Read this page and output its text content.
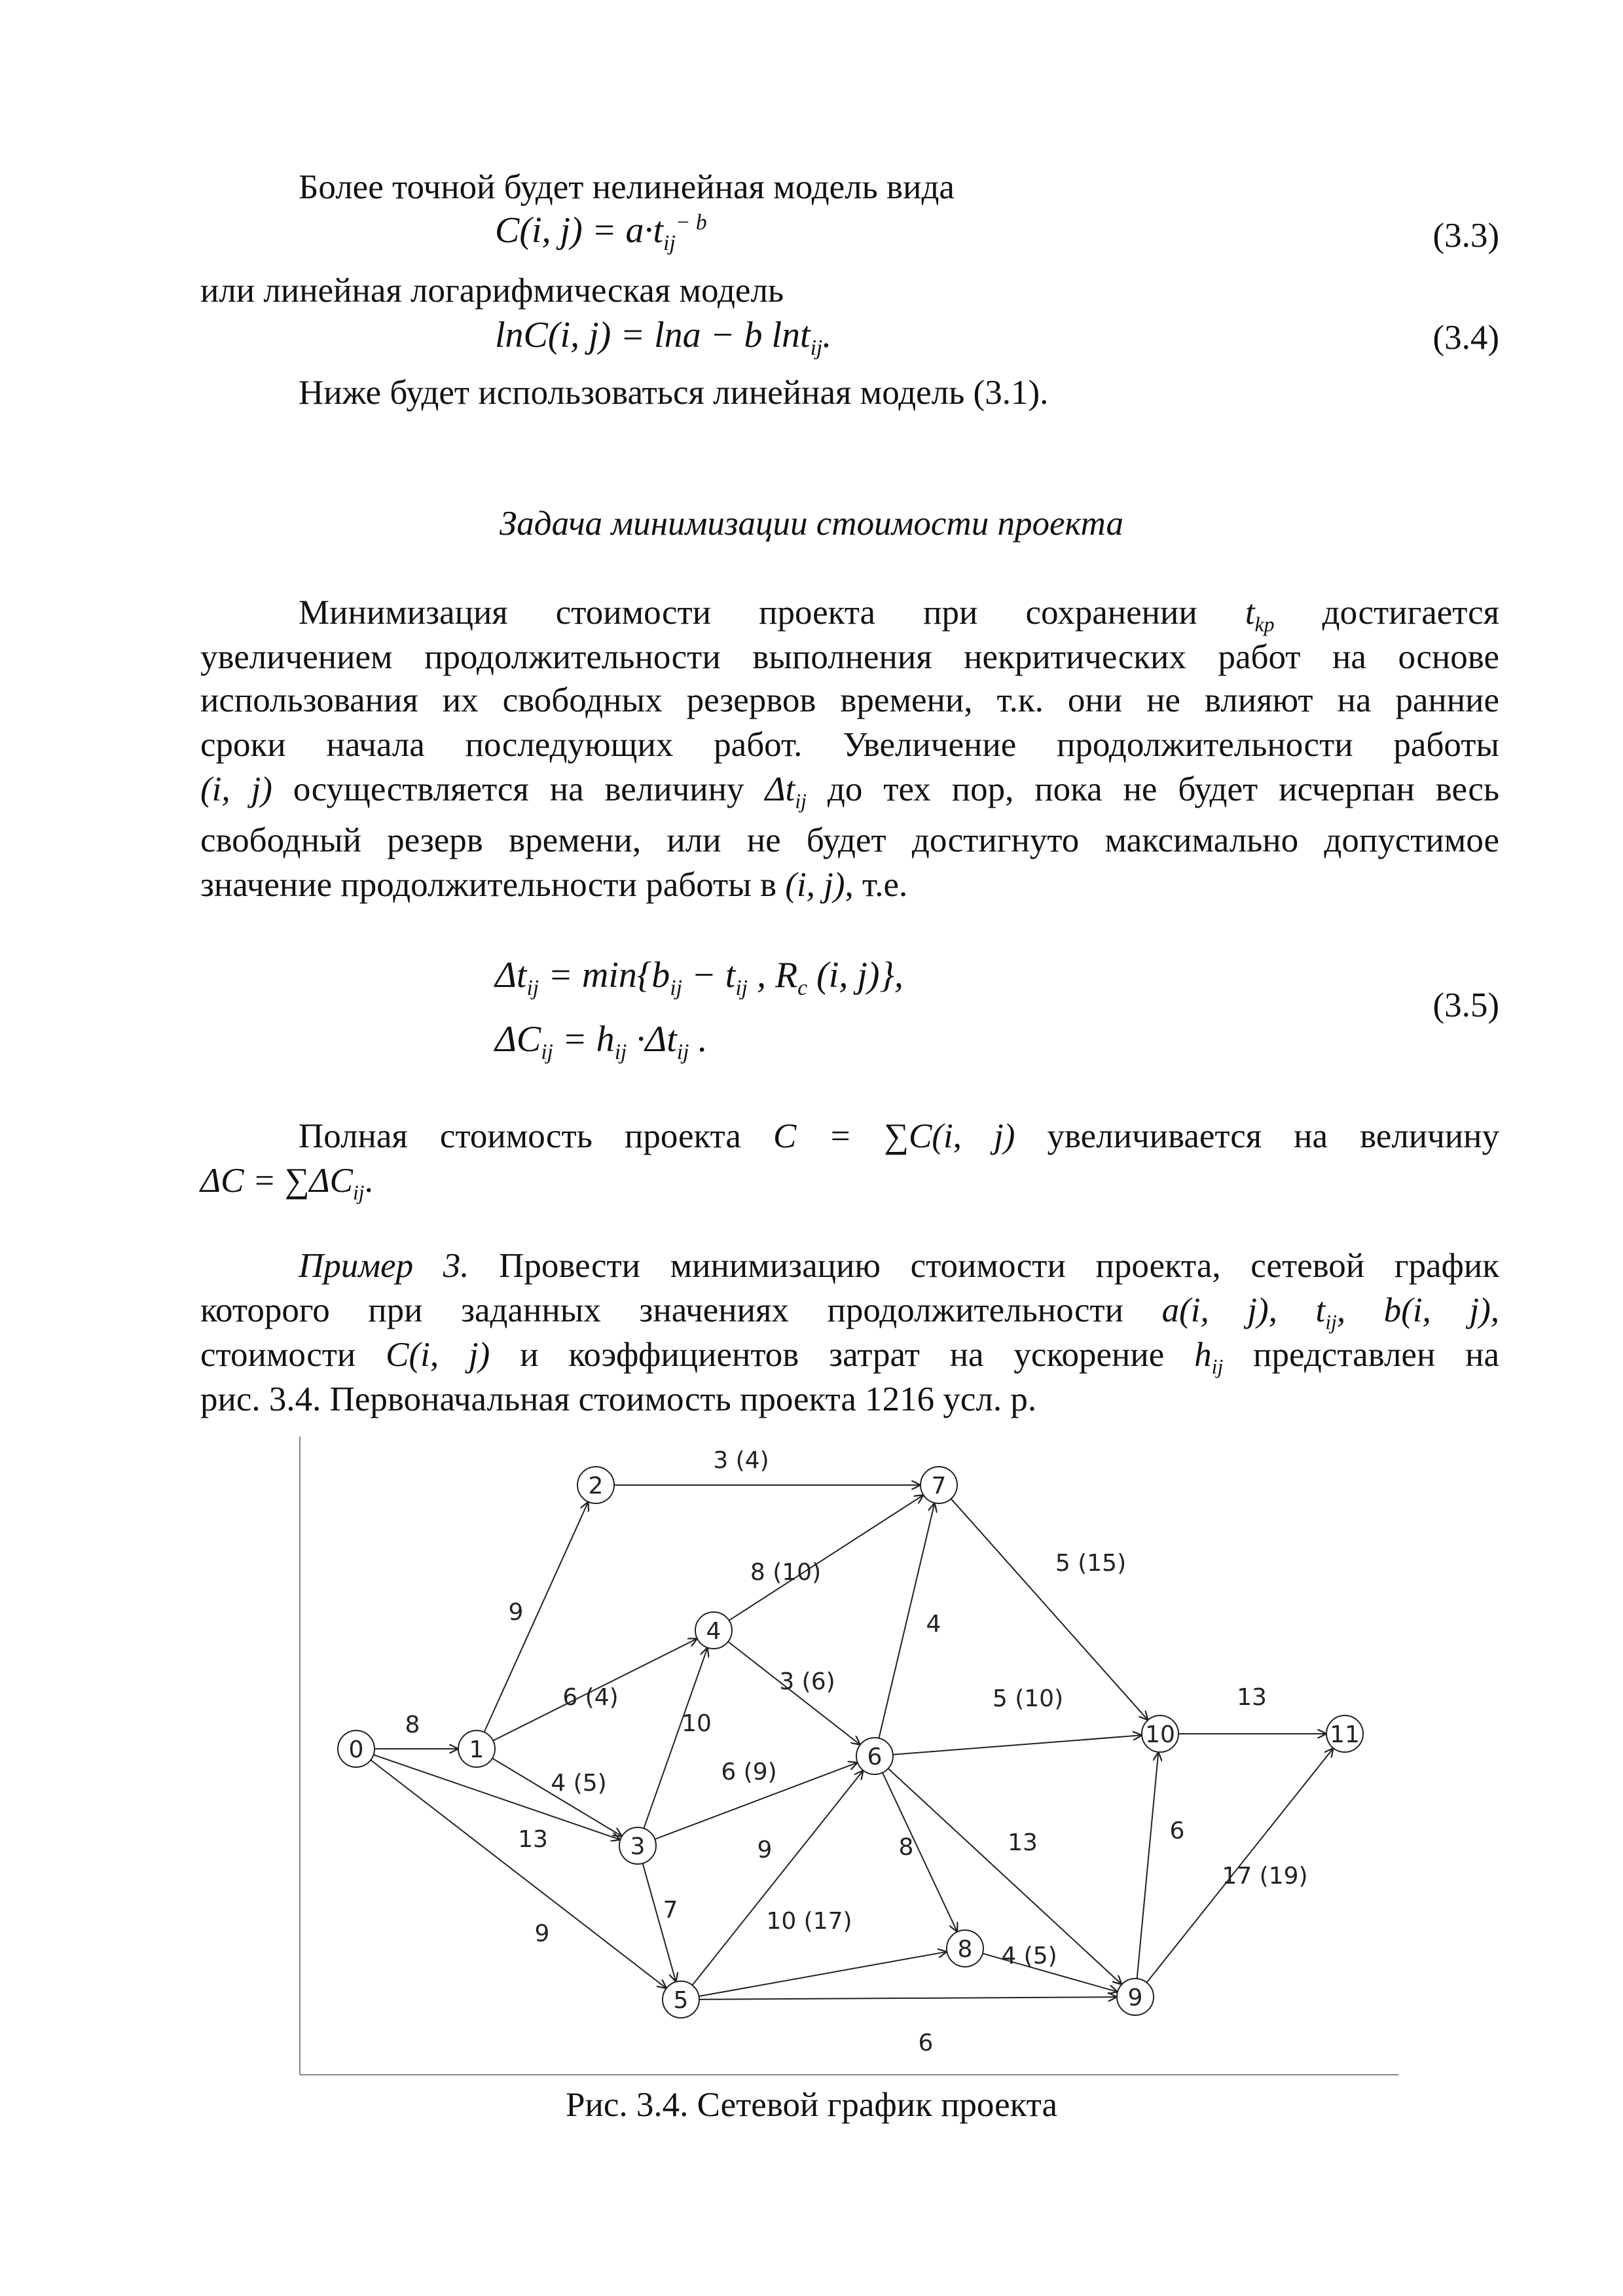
Более точной будет нелинейная модель вида
C(i, $j) = a\cdot t_{ij}^{- b}$	(3.3)
или линейная логарифмическая модель
lnC(i, j) = lna − b lnt$_{ij}$.	(3.4)
Ниже будет использоваться линейная модель (3.1).
Задача минимизации стоимости проекта
Минимизация стоимости проекта при сохранении $t_{kp}$ достигается
увеличением продолжительности выполнения некритических работ на основе
использования их свободных резервов времени, т.к. они не влияют на ранние
сроки начала последующих работ. Увеличение продолжительности работы
(i, j) осуществляется на величину $\Delta t_{ij}$ до тех пор, пока не будет исчерпан весь
свободный резерв времени, или не будет достигнуто максимально допустимое
значение продолжительности работы в (i, j), т.е.
$\Delta t_{ij} = \min\{b_{ij} - t_{ij}$ , $R_c$ (i, j)},
$\Delta C_{ij} = h_{ij} \cdot\Delta t_{ij}$ .
(3.5)
Полная стоимость проекта C = ∑C(i, j) увеличивается на величину
$\Delta C = \sum\Delta C_{ij}$.
Пример 3. Провести минимизацию стоимости проекта, сетевой график
которого при заданных значениях продолжительности a(i, j), $t_{ij}$, b(i, j),
стоимости C(i, j) и коэффициентов затрат на ускорение $h_{ij}$ представлен на
рис. 3.4. Первоначальная стоимость проекта 1216 усл. р.
8
13
9
9
6 (4)
4 (5)
3 (4)
10
6 (9)
7
8 (10)
3 (6)
9
10 (17)
6
4
5 (10)
8	13
5 (15)
4 (5)
6
17 (19)
13
0	1
2
3
4
5
6
7
8
9
10	11
Рис. 3.4. Сетевой график проекта
